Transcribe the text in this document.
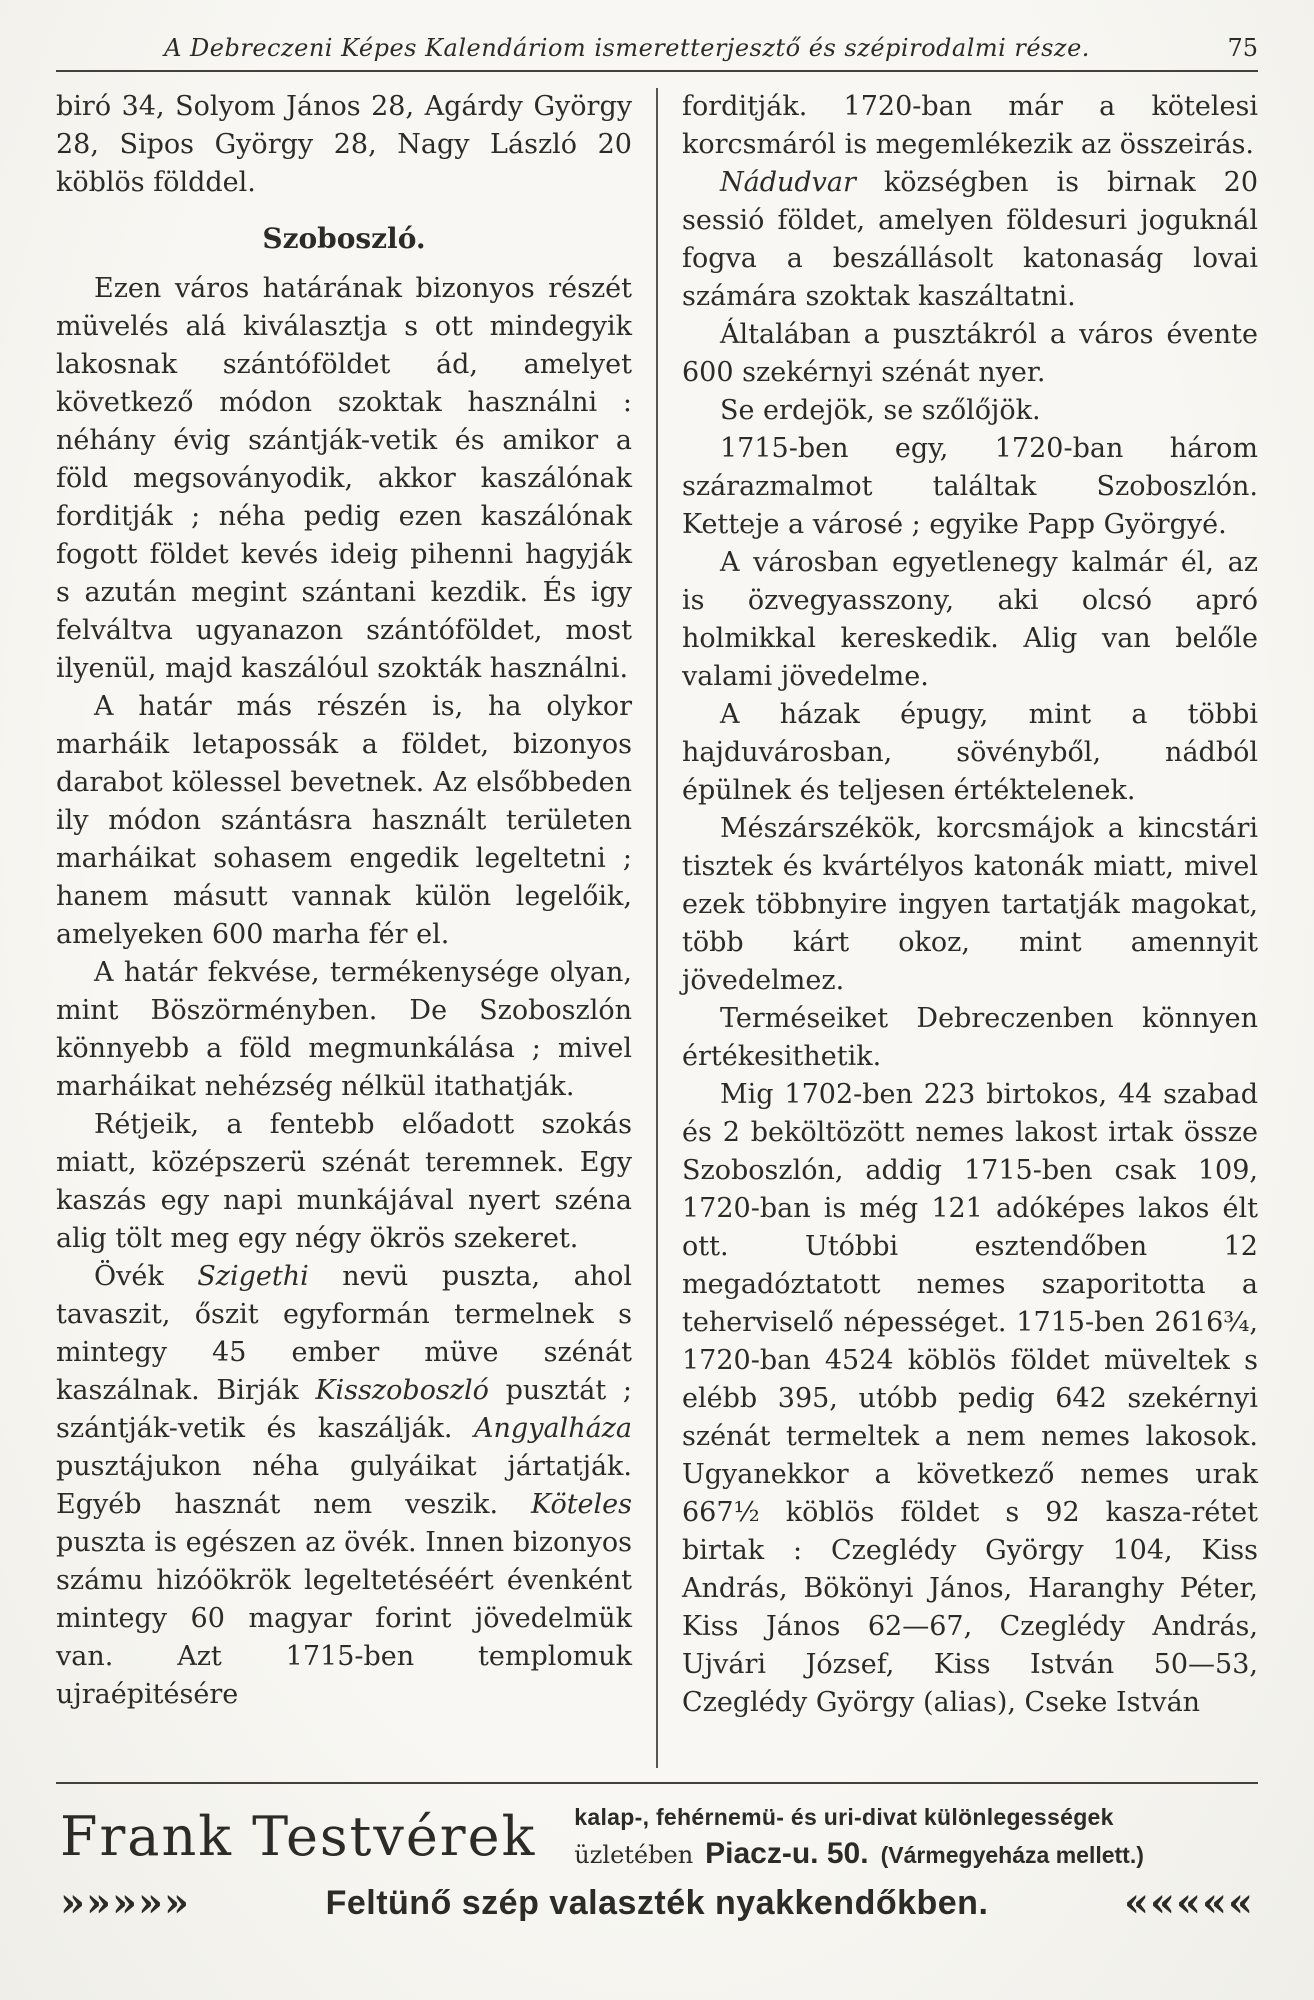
A Debreczeni Képes Kalendáriom ismeretterjesztő és szépirodalmi része.	75

biró 34, Solyom János 28, Agárdy György 28, Sipos György 28, Nagy László 20 köblös földdel.

Szoboszló.

Ezen város határának bizonyos részét müvelés alá kiválasztja s ott mindegyik lakosnak szántóföldet ád, amelyet következő módon szoktak használni : néhány évig szántják-vetik és amikor a föld megsoványodik, akkor kaszálónak forditják ; néha pedig ezen kaszálónak fogott földet kevés ideig pihenni hagyják s azután megint szántani kezdik. És igy felváltva ugyanazon szántóföldet, most ilyenül, majd kaszálóul szokták használni.

A határ más részén is, ha olykor marháik letapossák a földet, bizonyos darabot kölessel bevetnek. Az elsőbbeden ily módon szántásra használt területen marháikat sohasem engedik legeltetni ; hanem másutt vannak külön legelőik, amelyeken 600 marha fér el.

A határ fekvése, termékenysége olyan, mint Böszörményben. De Szoboszlón könnyebb a föld megmunkálása ; mivel marháikat nehézség nélkül itathatják.

Rétjeik, a fentebb előadott szokás miatt, középszerü szénát teremnek. Egy kaszás egy napi munkájával nyert széna alig tölt meg egy négy ökrös szekeret.

Övék Szigethi nevü puszta, ahol tavaszit, őszit egyformán termelnek s mintegy 45 ember müve szénát kaszálnak. Birják Kisszoboszló pusztát ; szántják-vetik és kaszálják. Angyalháza pusztájukon néha gulyáikat jártatják. Egyéb hasznát nem veszik. Köteles puszta is egészen az övék. Innen bizonyos számu hizóökrök legeltetéséért évenként mintegy 60 magyar forint jövedelmük van. Azt 1715-ben templomuk ujraépitésére

forditják. 1720-ban már a kötelesi korcsmáról is megemlékezik az összeirás.

Nádudvar községben is birnak 20 sessió földet, amelyen földesuri joguknál fogva a beszállásolt katonaság lovai számára szoktak kaszáltatni.

Általában a pusztákról a város évente 600 szekérnyi szénát nyer.

Se erdejök, se szőlőjök.

1715-ben egy, 1720-ban három szárazmalmot találtak Szoboszlón. Ketteje a városé ; egyike Papp Györgyé.

A városban egyetlenegy kalmár él, az is özvegyasszony, aki olcsó apró holmikkal kereskedik. Alig van belőle valami jövedelme.

A házak épugy, mint a többi hajduvárosban, sövényből, nádból épülnek és teljesen értéktelenek.

Mészárszékök, korcsmájok a kincstári tisztek és kvártélyos katonák miatt, mivel ezek többnyire ingyen tartatják magokat, több kárt okoz, mint amennyit jövedelmez.

Terméseiket Debreczenben könnyen értékesithetik.

Mig 1702-ben 223 birtokos, 44 szabad és 2 beköltözött nemes lakost irtak össze Szoboszlón, addig 1715-ben csak 109, 1720-ban is még 121 adóképes lakos élt ott. Utóbbi esztendőben 12 megadóztatott nemes szaporitotta a teherviselő népességet. 1715-ben 2616¾, 1720-ban 4524 köblös földet müveltek s elébb 395, utóbb pedig 642 szekérnyi szénát termeltek a nem nemes lakosok. Ugyanekkor a következő nemes urak 667½ köblös földet s 92 kasza-rétet birtak : Czeglédy György 104, Kiss András, Bökönyi János, Haranghy Péter, Kiss János 62—67, Czeglédy András, Ujvári József, Kiss István 50—53, Czeglédy György (alias), Cseke István

Frank Testvérek kalap-, fehérnemü- és uri-divat különlegességek
üzletében Piacz-u. 50. (Vármegyeháza mellett.)
»»»»»	Feltünő szép valaszték nyakkendőkben.	«««««
